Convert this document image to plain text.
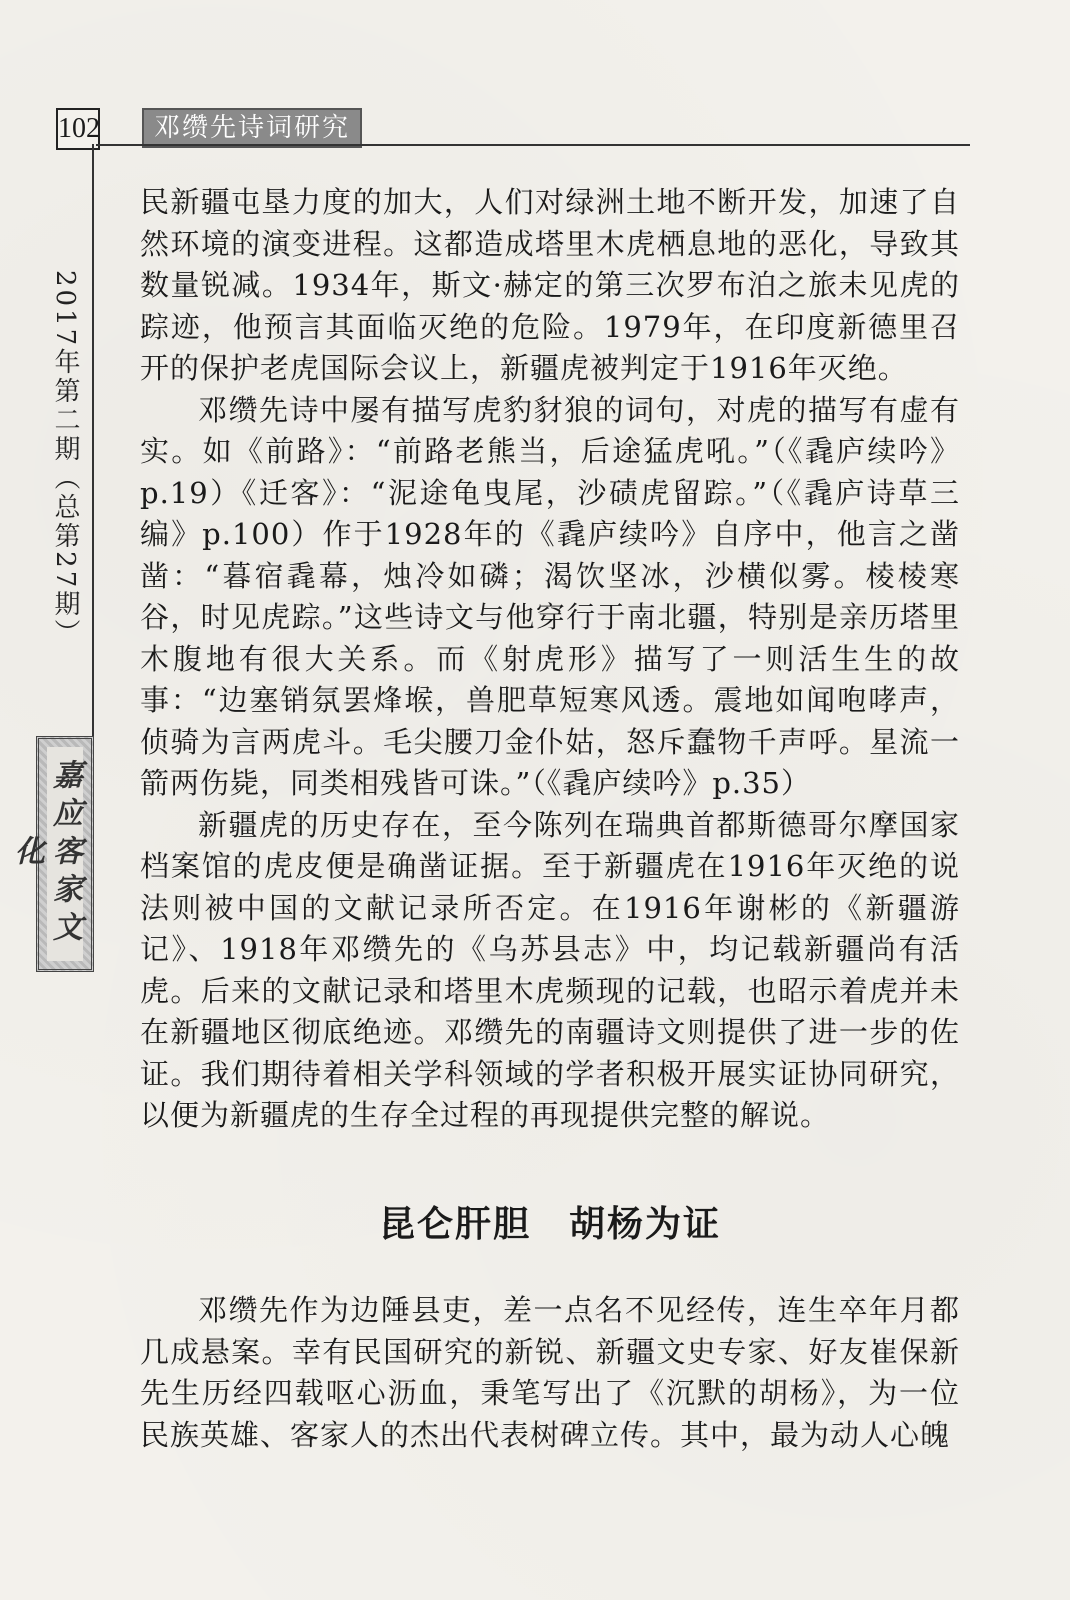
102	邓缵先诗词研究
2017年第二期（总第27期）
嘉应客家文化

民新疆屯垦力度的加大，人们对绿洲土地不断开发，加速了自然环境的演变进程。这都造成塔里木虎栖息地的恶化，导致其数量锐减。1934年，斯文·赫定的第三次罗布泊之旅未见虎的踪迹，他预言其面临灭绝的危险。1979年，在印度新德里召开的保护老虎国际会议上，新疆虎被判定于1916年灭绝。

邓缵先诗中屡有描写虎豹豺狼的词句，对虎的描写有虚有实。如《前路》：“前路老熊当，后途猛虎吼。”（《毳庐续吟》p.19）《迁客》：“泥途龟曳尾，沙碛虎留踪。”（《毳庐诗草三编》p.100）作于1928年的《毳庐续吟》自序中，他言之凿凿：“暮宿毳幕，烛冷如磷；渴饮坚冰，沙横似雾。棱棱寒谷，时见虎踪。”这些诗文与他穿行于南北疆，特别是亲历塔里木腹地有很大关系。而《射虎形》描写了一则活生生的故事：“边塞销氛罢烽堠，兽肥草短寒风透。震地如闻咆哮声，侦骑为言两虎斗。毛尖腰刀金仆姑，怒斥蠢物千声呼。星流一箭两伤毙，同类相残皆可诛。”（《毳庐续吟》p.35）

新疆虎的历史存在，至今陈列在瑞典首都斯德哥尔摩国家档案馆的虎皮便是确凿证据。至于新疆虎在1916年灭绝的说法则被中国的文献记录所否定。在1916年谢彬的《新疆游记》、1918年邓缵先的《乌苏县志》中，均记载新疆尚有活虎。后来的文献记录和塔里木虎频现的记载，也昭示着虎并未在新疆地区彻底绝迹。邓缵先的南疆诗文则提供了进一步的佐证。我们期待着相关学科领域的学者积极开展实证协同研究，以便为新疆虎的生存全过程的再现提供完整的解说。

昆仑肝胆　胡杨为证

邓缵先作为边陲县吏，差一点名不见经传，连生卒年月都几成悬案。幸有民国研究的新锐、新疆文史专家、好友崔保新先生历经四载呕心沥血，秉笔写出了《沉默的胡杨》，为一位民族英雄、客家人的杰出代表树碑立传。其中，最为动人心魄
